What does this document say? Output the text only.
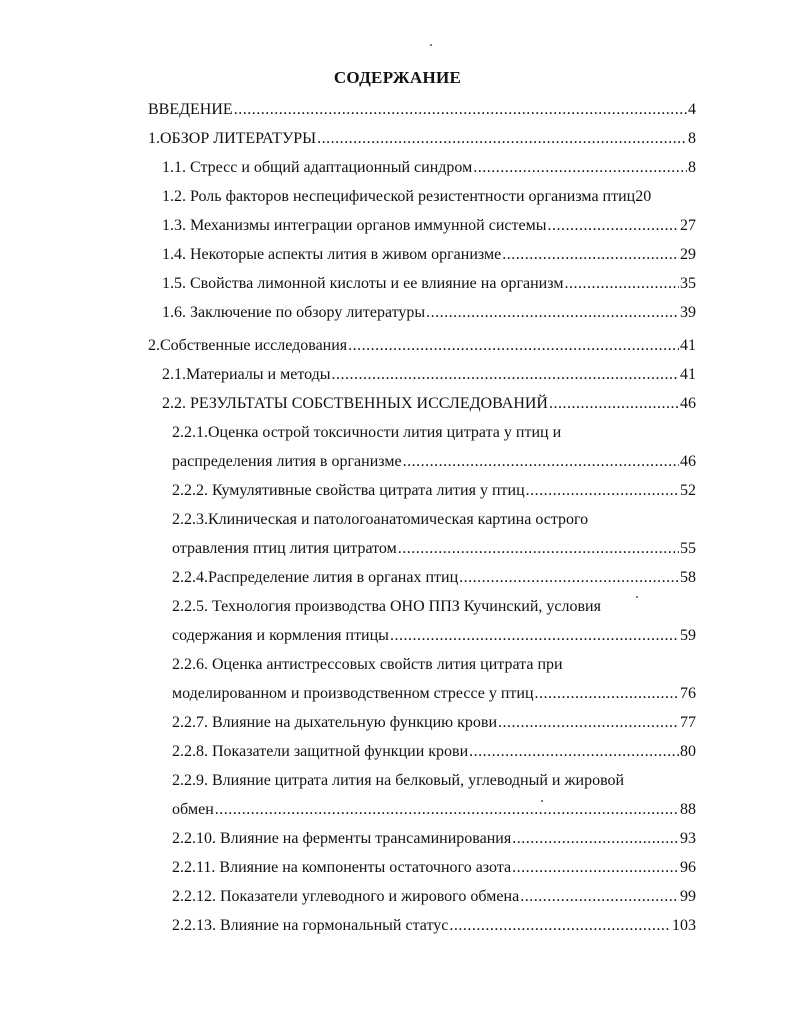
СОДЕРЖАНИЕ
ВВЕДЕНИЕ .....	4
1.ОБЗОР ЛИТЕРАТУРЫ .....	8
1.1. Стресс и общий адаптационный синдром .....	8
1.2. Роль факторов неспецифической резистентности организма птиц 20
1.3. Механизмы интеграции органов иммунной системы .....	27
1.4. Некоторые аспекты лития в живом организме .....	29
1.5. Свойства лимонной кислоты и ее влияние на организм .....	35
1.6. Заключение по обзору литературы .....	39
2.Собственные исследования .....	41
2.1.Материалы и методы .....	41
2.2. РЕЗУЛЬТАТЫ СОБСТВЕННЫХ ИССЛЕДОВАНИЙ .....	46
2.2.1.Оценка острой токсичности лития цитрата у птиц и
распределения лития в организме .....	46
2.2.2. Кумулятивные свойства цитрата лития у птиц .....	52
2.2.3.Клиническая и патологоанатомическая картина острого
отравления птиц лития цитратом .....	55
2.2.4.Распределение лития в органах птиц .....	58
2.2.5. Технология производства ОНО ППЗ Кучинский, условия
содержания и кормления птицы .....	59
2.2.6. Оценка антистрессовых свойств лития цитрата при
моделированном и производственном стрессе у птиц .....	76
2.2.7. Влияние на дыхательную функцию крови .....	77
2.2.8. Показатели защитной функции крови .....	80
2.2.9. Влияние цитрата лития на белковый, углеводный и жировой
обмен .....	88
2.2.10. Влияние на ферменты трансаминирования .....	93
2.2.11. Влияние на компоненты остаточного азота .....	96
2.2.12. Показатели углеводного и жирового обмена .....	99
2.2.13. Влияние на гормональный статус .....	103
